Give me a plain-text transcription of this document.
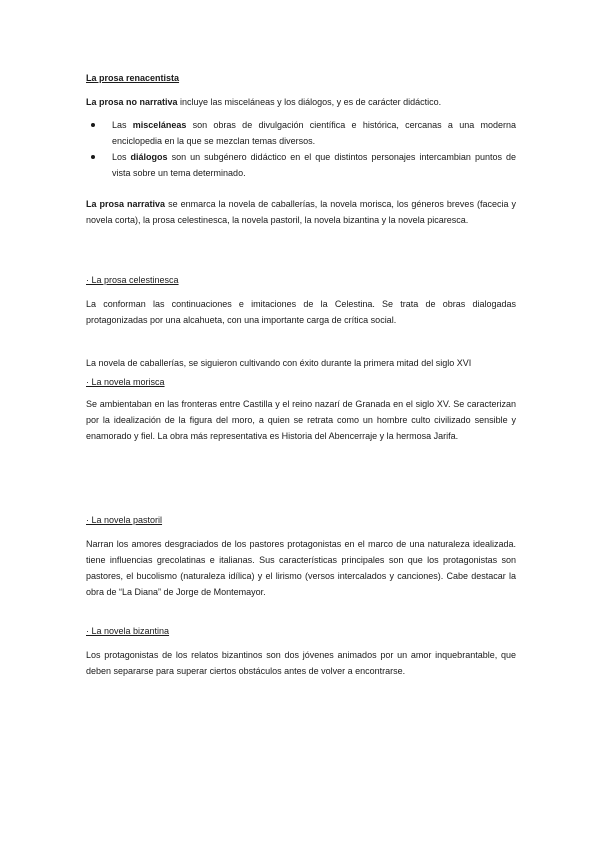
La prosa renacentista

La prosa no narrativa incluye las misceláneas y los diálogos, y es de carácter didáctico.

Las misceláneas son obras de divulgación científica e histórica, cercanas a una moderna enciclopedia en la que se mezclan temas diversos.
Los diálogos son un subgénero didáctico en el que distintos personajes intercambian puntos de vista sobre un tema determinado.

La prosa narrativa se enmarca la novela de caballerías, la novela morisca, los géneros breves (facecia y novela corta), la prosa celestinesca, la novela pastoril, la novela bizantina y la novela picaresca.

· La prosa celestinesca

La conforman las continuaciones e imitaciones de la Celestina. Se trata de obras dialogadas protagonizadas por una alcahueta, con una importante carga de crítica social.

La novela de caballerías, se siguieron cultivando con éxito durante la primera mitad del siglo XVI

· La novela morisca

Se ambientaban en las fronteras entre Castilla y el reino nazarí de Granada en el siglo XV. Se caracterizan por la idealización de la figura del moro, a quien se retrata como un hombre culto civilizado sensible y enamorado y fiel. La obra más representativa es Historia del Abencerraje y la hermosa Jarifa.

· La novela pastoril

Narran los amores desgraciados de los pastores protagonistas en el marco de una naturaleza idealizada. tiene influencias grecolatinas e italianas. Sus características principales son que los protagonistas son pastores, el bucolismo (naturaleza idílica) y el lirismo (versos intercalados y canciones). Cabe destacar la obra de “La Diana” de Jorge de Montemayor.

· La novela bizantina

Los protagonistas de los relatos bizantinos son dos jóvenes animados por un amor inquebrantable, que deben separarse para superar ciertos obstáculos antes de volver a encontrarse.
